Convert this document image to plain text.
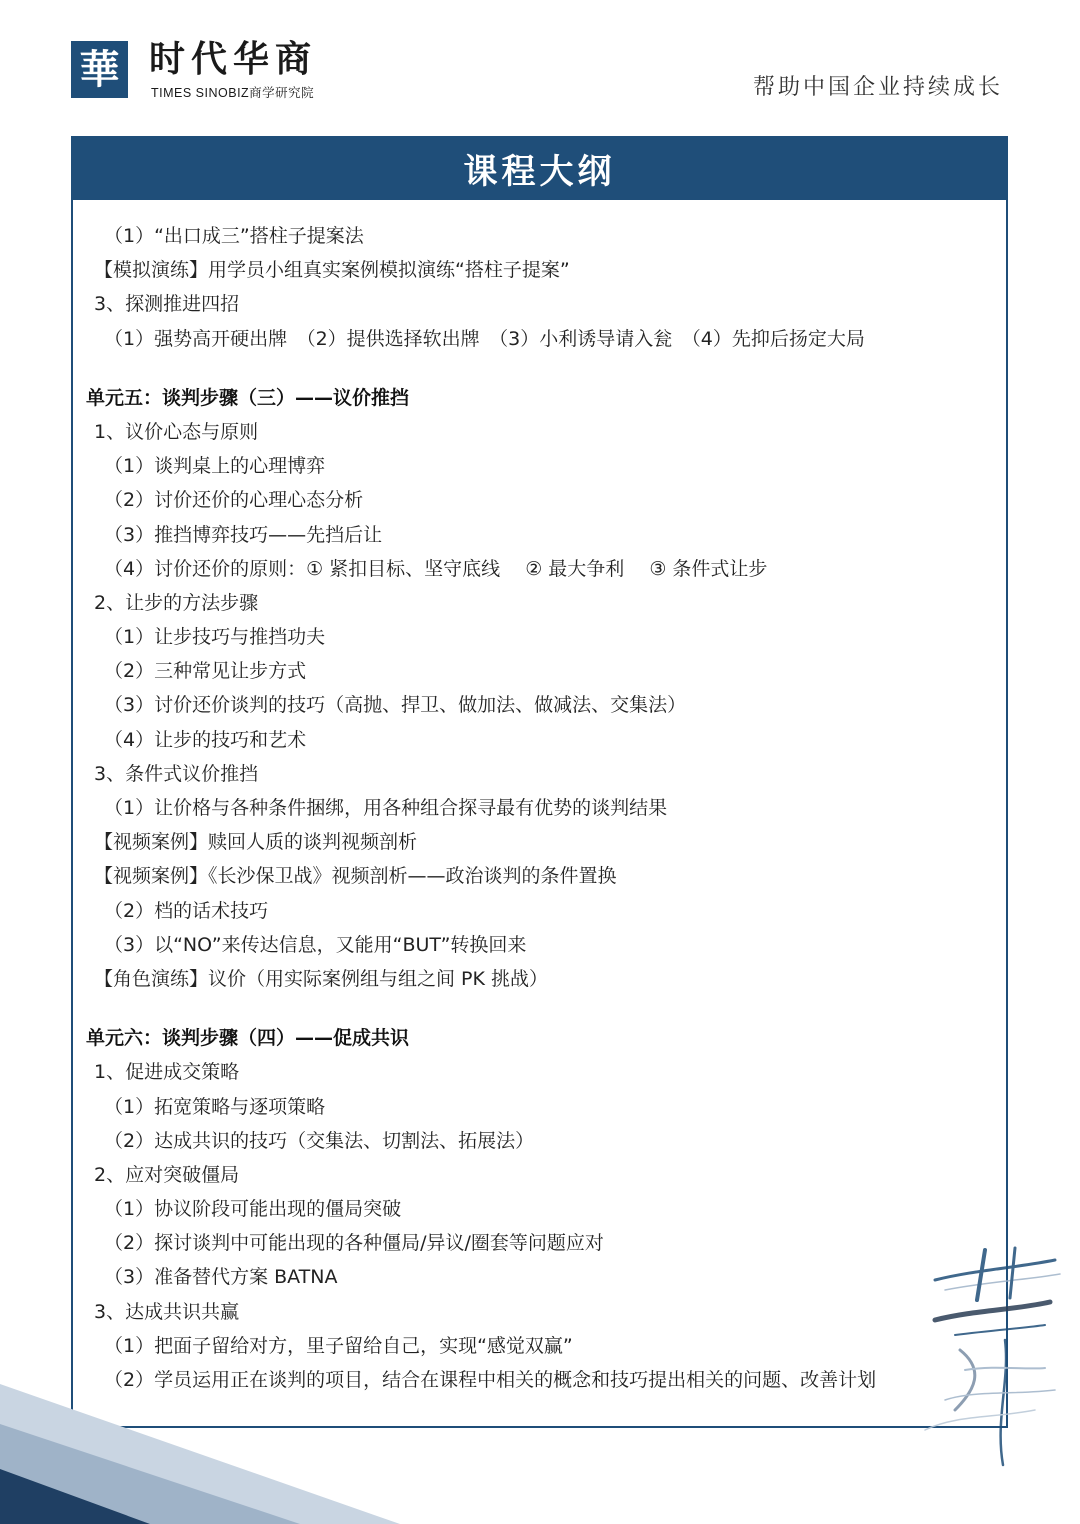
華 时代华商
TIMES SINOBIZ商学研究院	帮助中国企业持续成长
课程大纲
（1）“出口成三”搭柱子提案法
【模拟演练】用学员小组真实案例模拟演练“搭柱子提案”
3、探测推进四招
（1）强势高开硬出牌　（2）提供选择软出牌　（3）小利诱导请入瓮　（4）先抑后扬定大局
单元五：谈判步骤（三）——议价推挡
1、议价心态与原则
（1）谈判桌上的心理博弈
（2）讨价还价的心理心态分析
（3）推挡博弈技巧——先挡后让
（4）讨价还价的原则：① 紧扣目标、坚守底线　 ② 最大争利　 ③ 条件式让步
2、让步的方法步骤
（1）让步技巧与推挡功夫
（2）三种常见让步方式
（3）讨价还价谈判的技巧（高抛、捍卫、做加法、做减法、交集法）
（4）让步的技巧和艺术
3、条件式议价推挡
（1）让价格与各种条件捆绑，用各种组合探寻最有优势的谈判结果
【视频案例】赎回人质的谈判视频剖析
【视频案例】《长沙保卫战》视频剖析——政治谈判的条件置换
（2）档的话术技巧
（3）以“NO”来传达信息，又能用“BUT”转换回来
【角色演练】议价（用实际案例组与组之间 PK 挑战）
单元六：谈判步骤（四）——促成共识
1、促进成交策略
（1）拓宽策略与逐项策略
（2）达成共识的技巧（交集法、切割法、拓展法）
2、应对突破僵局
（1）协议阶段可能出现的僵局突破
（2）探讨谈判中可能出现的各种僵局/异议/圈套等问题应对
（3）准备替代方案 BATNA
3、达成共识共赢
（1）把面子留给对方，里子留给自己，实现“感觉双赢”
（2）学员运用正在谈判的项目，结合在课程中相关的概念和技巧提出相关的问题、改善计划
